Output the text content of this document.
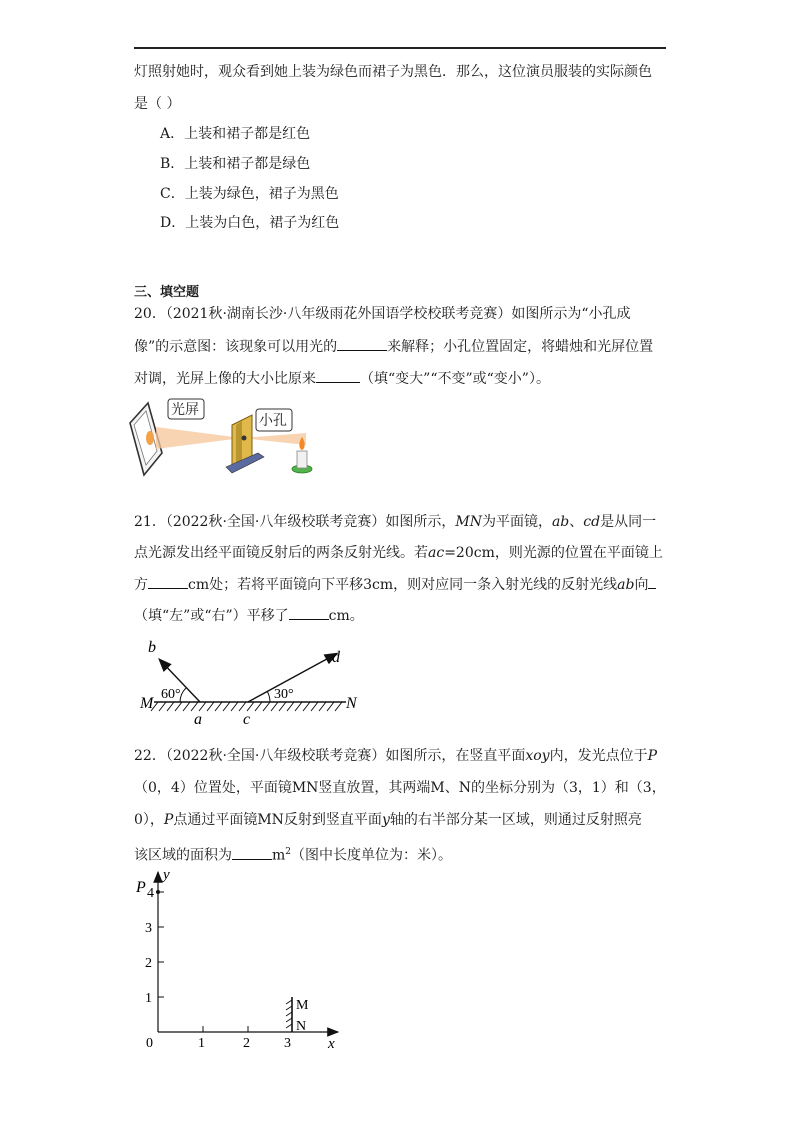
灯照射她时，观众看到她上装为绿色而裙子为黑色．那么，这位演员服装的实际颜色
是（ ）
A．上装和裙子都是红色
B．上装和裙子都是绿色
C．上装为绿色，裙子为黑色
D．上装为白色，裙子为红色
三、填空题
20．（2021秋·湖南长沙·八年级雨花外国语学校校联考竞赛）如图所示为“小孔成
像”的示意图：该现象可以用光的	来解释；小孔位置固定，将蜡烛和光屏位置
对调，光屏上像的大小比原来	（填“变大”“不变”或“变小”）。
光屏
小孔
21．（2022秋·全国·八年级校联考竞赛）如图所示，MN为平面镜，ab、cd是从同一
点光源发出经平面镜反射后的两条反射光线。若ac=20cm，则光源的位置在平面镜上
方	cm处；若将平面镜向下平移3cm，则对应同一条入射光线的反射光线ab向
（填“左”或“右”）平移了	cm。
b
d
M	N
a	c
60°	30°
22．（2022秋·全国·八年级校联考竞赛）如图所示，在竖直平面xoy内，发光点位于P
（0，4）位置处，平面镜MN竖直放置，其两端M、N的坐标分别为（3，1）和（3，
0），P点通过平面镜MN反射到竖直平面y轴的右半部分某一区域，则通过反射照亮
该区域的面积为	$m^2$（图中长度单位为：米）。
P
y
x
4
3
2
1
0	1	2 3
M
N
